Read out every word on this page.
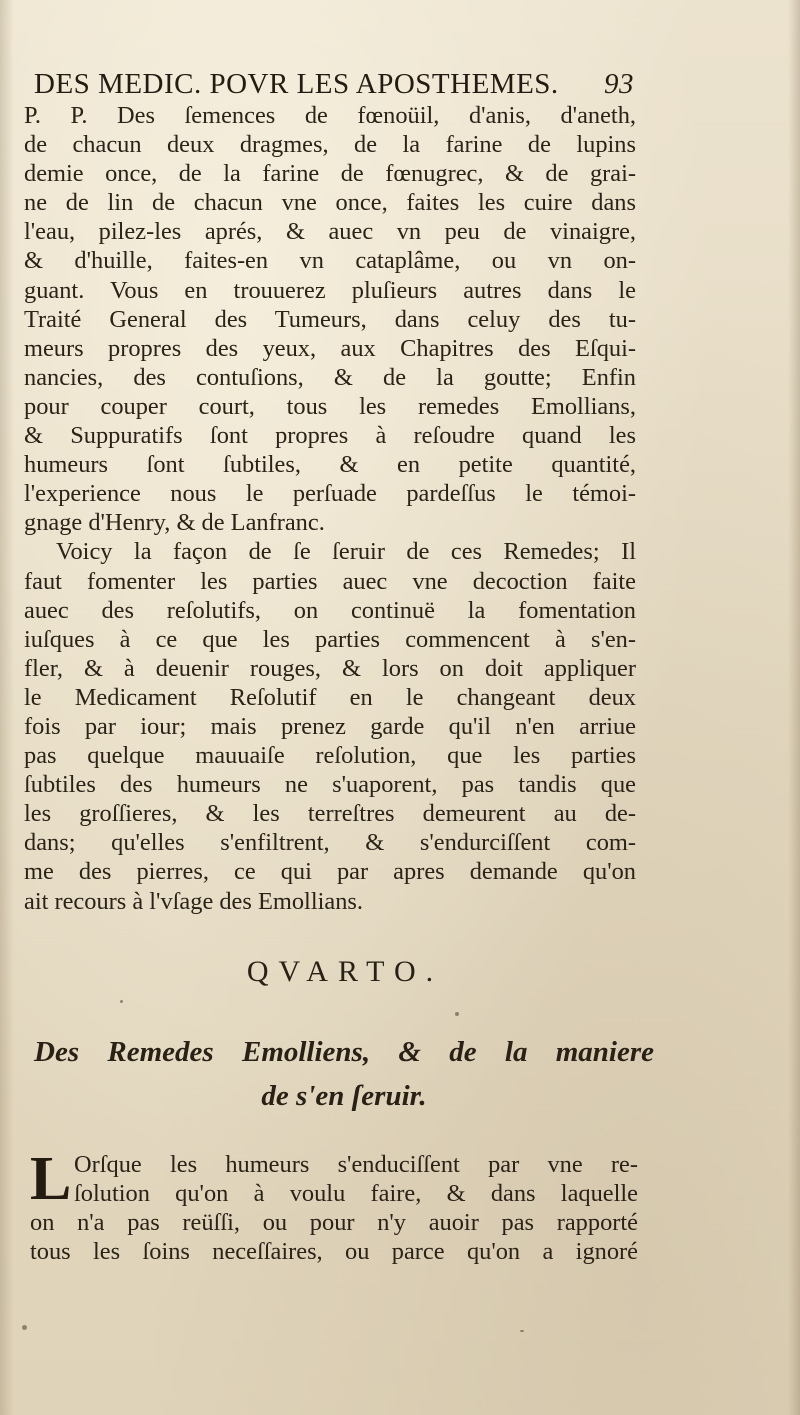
DES MEDIC. POVR LES APOSTHEMES. 93
P. P. Des ſemences de fœnoüil, d'anis, d'aneth,
de chacun deux dragmes, de la farine de lupins
demie once, de la farine de fœnugrec, & de grai-
ne de lin de chacun vne once, faites les cuire dans
l'eau, pilez-les aprés, & auec vn peu de vinaigre,
& d'huille, faites-en vn cataplâme, ou vn on-
guant. Vous en trouuerez pluſieurs autres dans le
Traité General des Tumeurs, dans celuy des tu-
meurs propres des yeux, aux Chapitres des Eſqui-
nancies, des contuſions, & de la goutte; Enfin
pour couper court, tous les remedes Emollians,
& Suppuratifs ſont propres à reſoudre quand les
humeurs ſont ſubtiles, & en petite quantité,
l'experience nous le perſuade pardeſſus le témoi-
gnage d'Henry, & de Lanfranc.
Voicy la façon de ſe ſeruir de ces Remedes; Il
faut fomenter les parties auec vne decoction faite
auec des reſolutifs, on continuë la fomentation
iuſques à ce que les parties commencent à s'en-
fler, & à deuenir rouges, & lors on doit appliquer
le Medicament Reſolutif en le changeant deux
fois par iour; mais prenez garde qu'il n'en arriue
pas quelque mauuaiſe reſolution, que les parties
ſubtiles des humeurs ne s'uaporent, pas tandis que
les groſſieres, & les terreſtres demeurent au de-
dans; qu'elles s'enfiltrent, & s'endurciſſent com-
me des pierres, ce qui par apres demande qu'on
ait recours à l'vſage des Emollians.
QVARTO.
Des Remedes Emolliens, & de la maniere
de s'en ſeruir.
L Orſque les humeurs s'enduciſſent par vne re-
ſolution qu'on à voulu faire, & dans laquelle
on n'a pas reüſſi, ou pour n'y auoir pas rapporté
tous les ſoins neceſſaires, ou parce qu'on a ignoré
